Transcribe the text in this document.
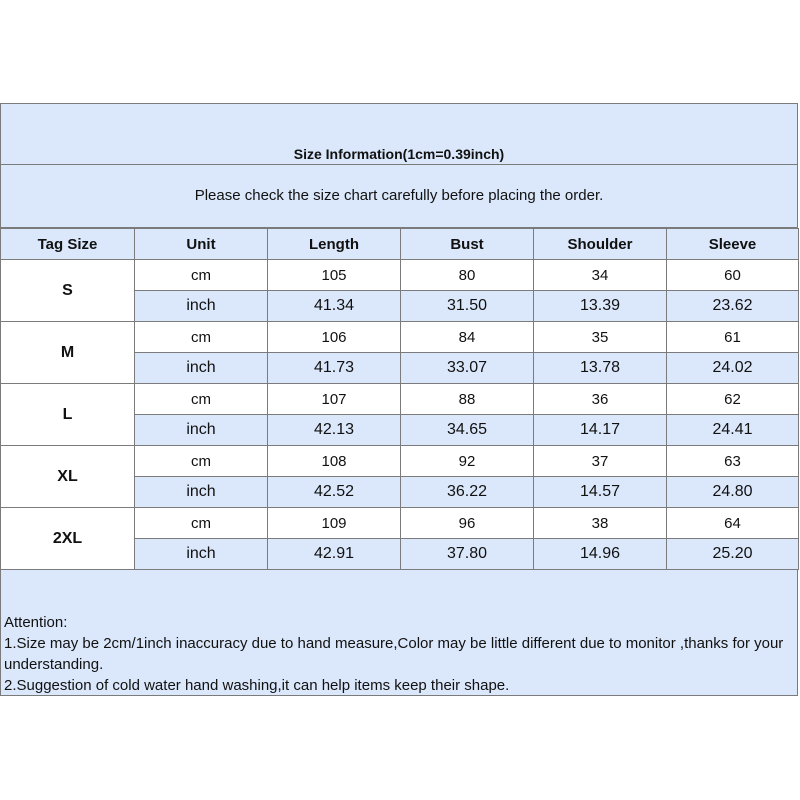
Size Information(1cm=0.39inch)
Please check the size chart carefully before placing the order.
Tag Size	Unit	Length	Bust	Shoulder	Sleeve
S	cm	105	80	34	60
	inch	41.34	31.50	13.39	23.62
M	cm	106	84	35	61
	inch	41.73	33.07	13.78	24.02
L	cm	107	88	36	62
	inch	42.13	34.65	14.17	24.41
XL	cm	108	92	37	63
	inch	42.52	36.22	14.57	24.80
2XL	cm	109	96	38	64
	inch	42.91	37.80	14.96	25.20
Attention:
1.Size may be 2cm/1inch inaccuracy due to hand measure,Color may be little different due to monitor ,thanks for your understanding.
2.Suggestion of cold water hand washing,it can help items keep their shape.
